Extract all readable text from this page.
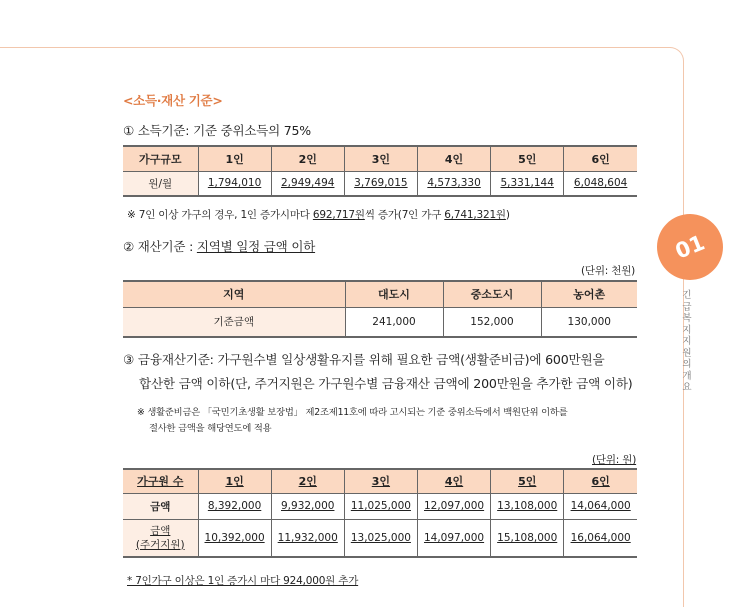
<소득·재산 기준>
① 소득기준: 기준 중위소득의 75%
가구규모	1인	2인	3인	4인	5인	6인
원/월	1,794,010	2,949,494	3,769,015	4,573,330	5,331,144	6,048,604
※ 7인 이상 가구의 경우, 1인 증가시마다 692,717원씩 증가(7인 가구 6,741,321원)
② 재산기준 : 지역별 일정 금액 이하
(단위: 천원)
지역	대도시	중소도시	농어촌
기준금액	241,000	152,000	130,000
③ 금융재산기준: 가구원수별 일상생활유지를 위해 필요한 금액(생활준비금)에 600만원을
합산한 금액 이하(단, 주거지원은 가구원수별 금융재산 금액에 200만원을 추가한 금액 이하)
※ 생활준비금은 「국민기초생활 보장법」 제2조제11호에 따라 고시되는 기준 중위소득에서 백원단위 이하를
절사한 금액을 해당연도에 적용
(단위: 원)
가구원 수	1인	2인	3인	4인	5인	6인
금액	8,392,000	9,932,000	11,025,000	12,097,000	13,108,000	14,064,000

금액
(주거지원)	10,392,000	11,932,000	13,025,000	14,097,000	15,108,000	16,064,000
* 7인가구 이상은 1인 증가시 마다 924,000원 추가
01
긴급복지지원의 개요
